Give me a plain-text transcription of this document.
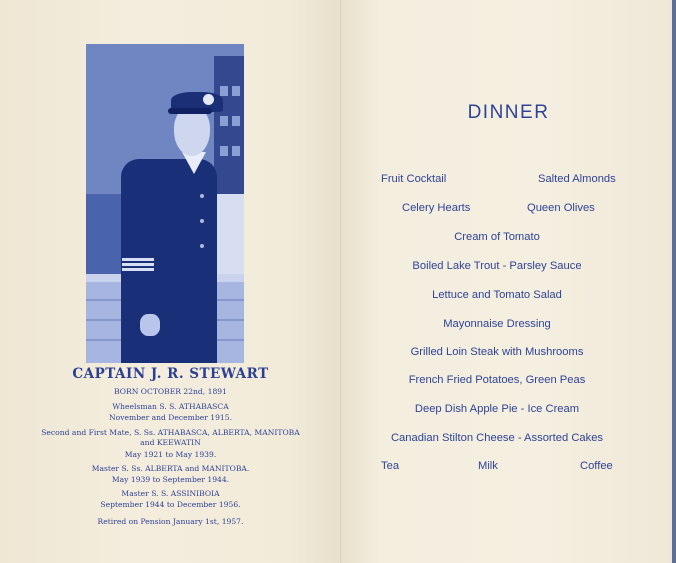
CAPTAIN J. R. STEWART
BORN OCTOBER 22nd, 1891
Wheelsman S. S. ATHABASCA
November and December 1915.
Second and First Mate, S. Ss. ATHABASCA, ALBERTA, MANITOBA
and KEEWATIN
May 1921 to May 1939.
Master S. Ss. ALBERTA and MANITOBA.
May 1939 to September 1944.
Master S. S. ASSINIBOIA
September 1944 to December 1956.
Retired on Pension January 1st, 1957.
DINNER
Fruit Cocktail	Salted Almonds
Celery Hearts	Queen Olives
Cream of Tomato
Boiled Lake Trout - Parsley Sauce
Lettuce and Tomato Salad
Mayonnaise Dressing
Grilled Loin Steak with Mushrooms
French Fried Potatoes, Green Peas
Deep Dish Apple Pie - Ice Cream
Canadian Stilton Cheese - Assorted Cakes
Tea	Milk	Coffee
